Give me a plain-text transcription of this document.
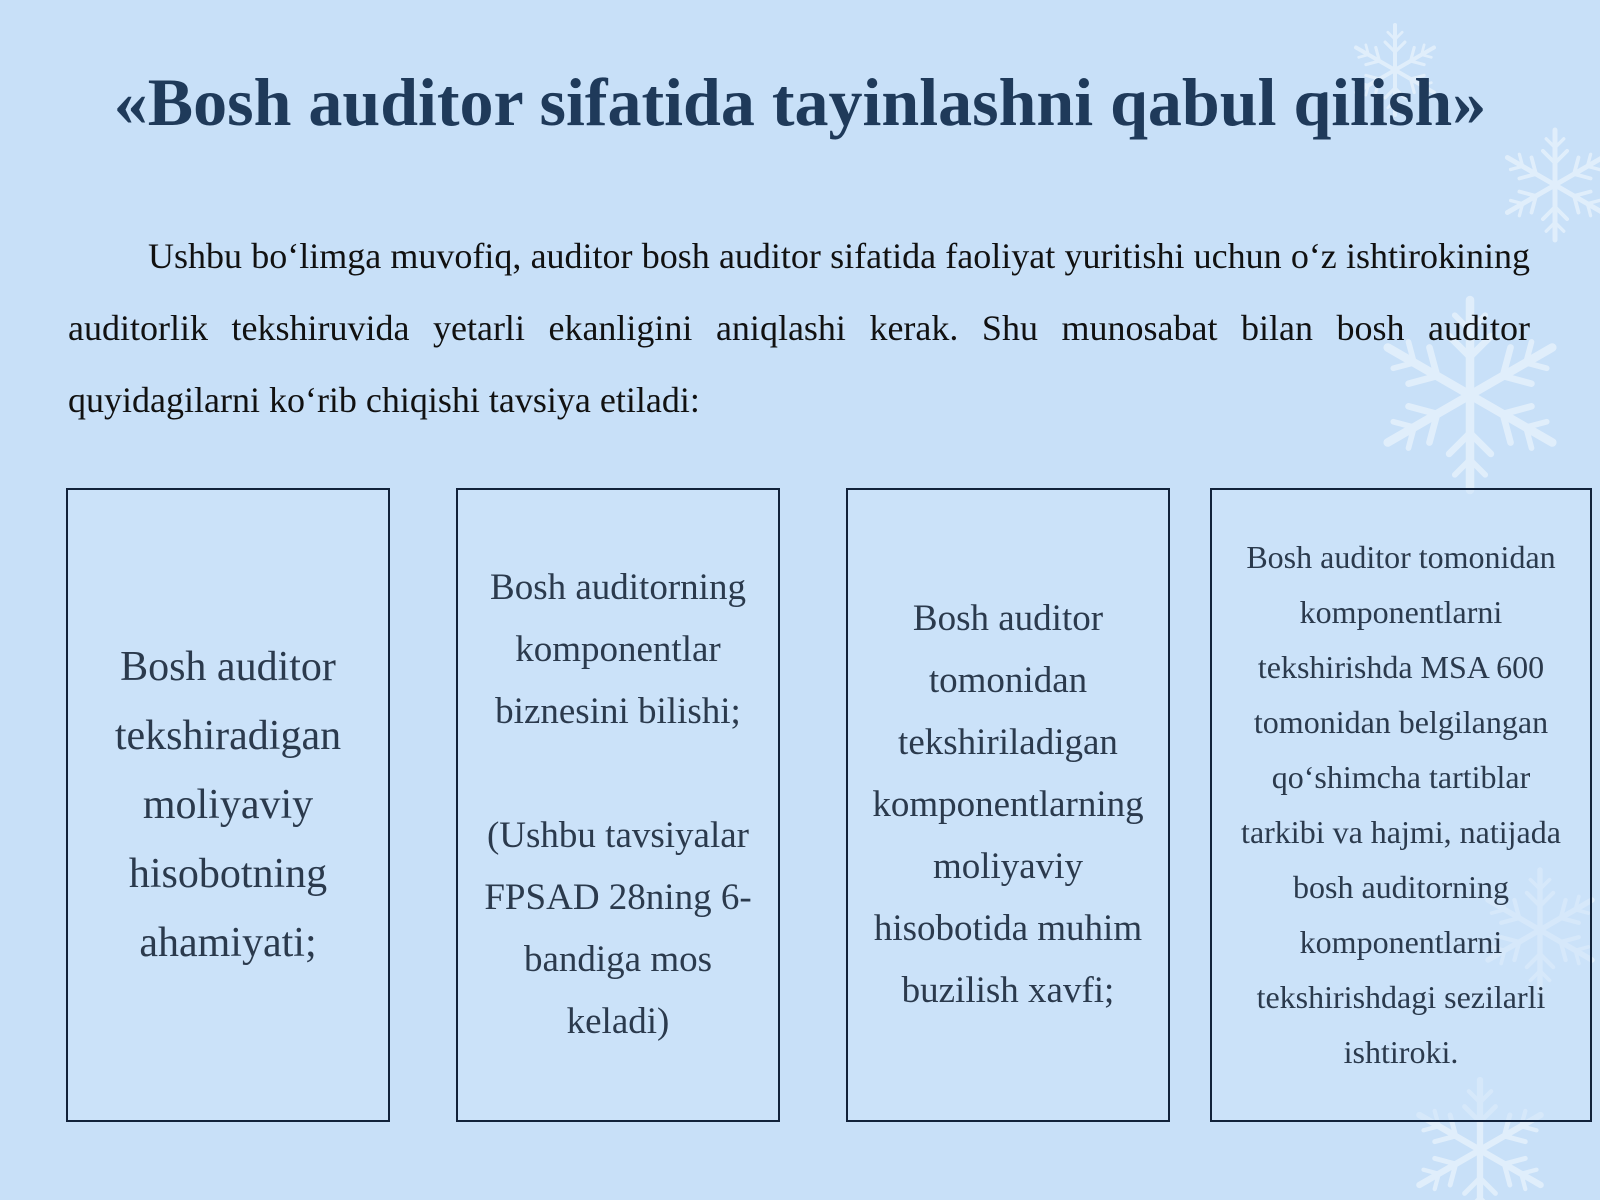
«Bosh auditor sifatida tayinlashni qabul qilish»

Ushbu bo‘limga muvofiq, auditor bosh auditor sifatida faoliyat yuritishi uchun o‘z ishtirokining auditorlik tekshiruvida yetarli ekanligini aniqlashi kerak. Shu munosabat bilan bosh auditor quyidagilarni ko‘rib chiqishi tavsiya etiladi:

Bosh auditor
tekshiradigan
moliyaviy
hisobotning
ahamiyati;
Bosh auditorning
komponentlar
biznesini bilishi;

(Ushbu tavsiyalar
FPSAD 28ning 6-
bandiga mos
keladi)
Bosh auditor
tomonidan
tekshiriladigan
komponentlarning
moliyaviy
hisobotida muhim
buzilish xavfi;
Bosh auditor tomonidan
komponentlarni
tekshirishda MSA 600
tomonidan belgilangan
qo‘shimcha tartiblar
tarkibi va hajmi, natijada
bosh auditorning
komponentlarni
tekshirishdagi sezilarli
ishtiroki.
